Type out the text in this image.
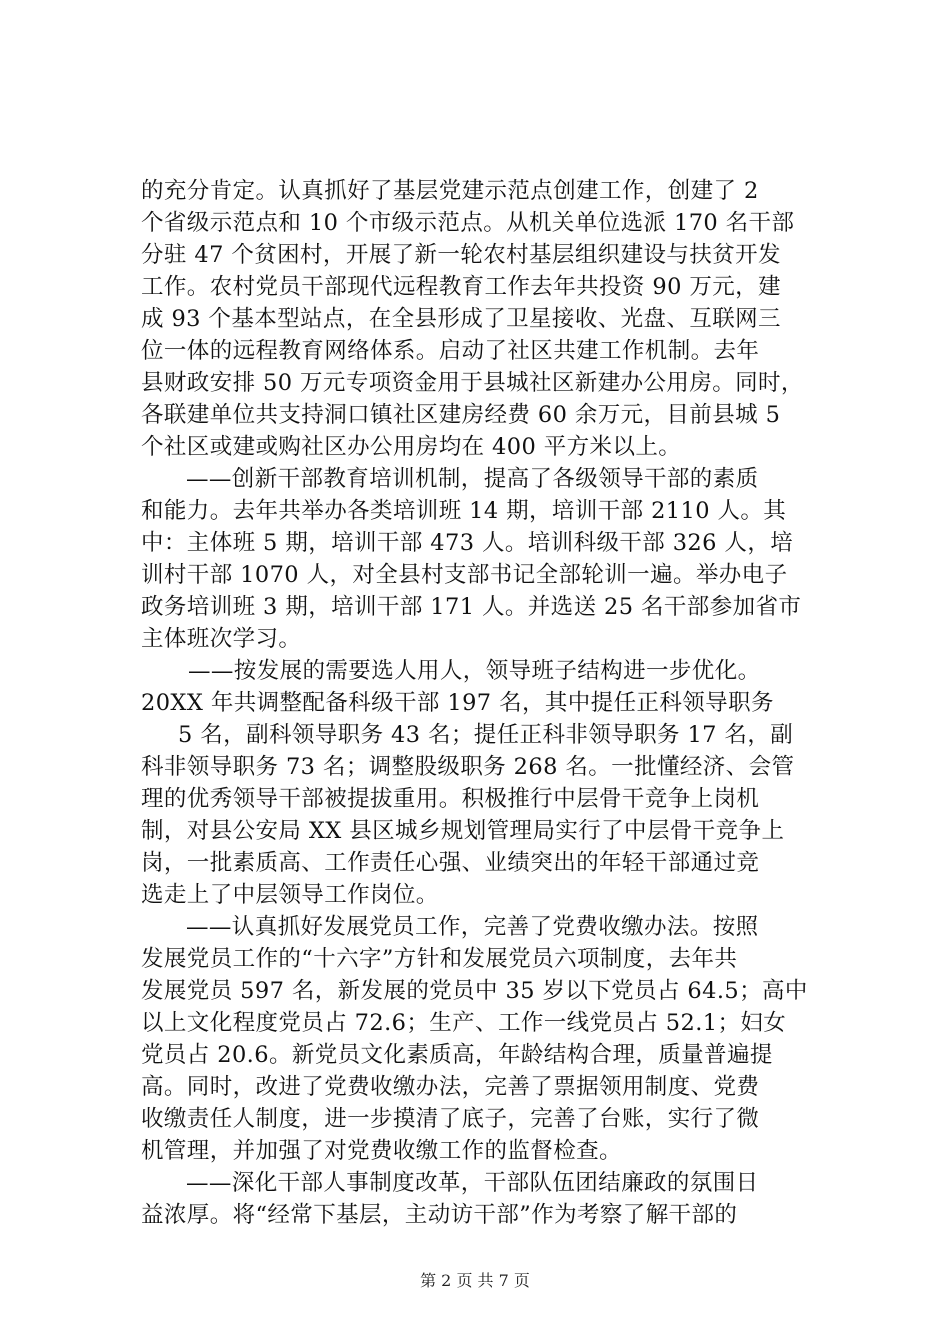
的充分肯定。认真抓好了基层党建示范点创建工作，创建了 2
个省级示范点和 10 个市级示范点。从机关单位选派 170 名干部
分驻 47 个贫困村，开展了新一轮农村基层组织建设与扶贫开发
工作。农村党员干部现代远程教育工作去年共投资 90 万元，建
成 93 个基本型站点，在全县形成了卫星接收、光盘、互联网三
位一体的远程教育网络体系。启动了社区共建工作机制。去年
县财政安排 50 万元专项资金用于县城社区新建办公用房。同时，
各联建单位共支持洞口镇社区建房经费 60 余万元，目前县城 5
个社区或建或购社区办公用房均在 400 平方米以上。
——创新干部教育培训机制，提高了各级领导干部的素质
和能力。去年共举办各类培训班 14 期，培训干部 2110 人。其
中：主体班 5 期，培训干部 473 人。培训科级干部 326 人，培
训村干部 1070 人，对全县村支部书记全部轮训一遍。举办电子
政务培训班 3 期，培训干部 171 人。并选送 25 名干部参加省市
主体班次学习。
——按发展的需要选人用人，领导班子结构进一步优化。
20XX 年共调整配备科级干部 197 名，其中提任正科领导职务
5 名，副科领导职务 43 名；提任正科非领导职务 17 名，副
科非领导职务 73 名；调整股级职务 268 名。一批懂经济、会管
理的优秀领导干部被提拔重用。积极推行中层骨干竞争上岗机
制，对县公安局 XX 县区城乡规划管理局实行了中层骨干竞争上
岗，一批素质高、工作责任心强、业绩突出的年轻干部通过竞
选走上了中层领导工作岗位。
——认真抓好发展党员工作，完善了党费收缴办法。按照
发展党员工作的“十六字”方针和发展党员六项制度，去年共
发展党员 597 名，新发展的党员中 35 岁以下党员占 64.5；高中
以上文化程度党员占 72.6；生产、工作一线党员占 52.1；妇女
党员占 20.6。新党员文化素质高，年龄结构合理，质量普遍提
高。同时，改进了党费收缴办法，完善了票据领用制度、党费
收缴责任人制度，进一步摸清了底子，完善了台账，实行了微
机管理，并加强了对党费收缴工作的监督检查。
——深化干部人事制度改革，干部队伍团结廉政的氛围日
益浓厚。将“经常下基层，主动访干部”作为考察了解干部的
第 2 页 共 7 页
